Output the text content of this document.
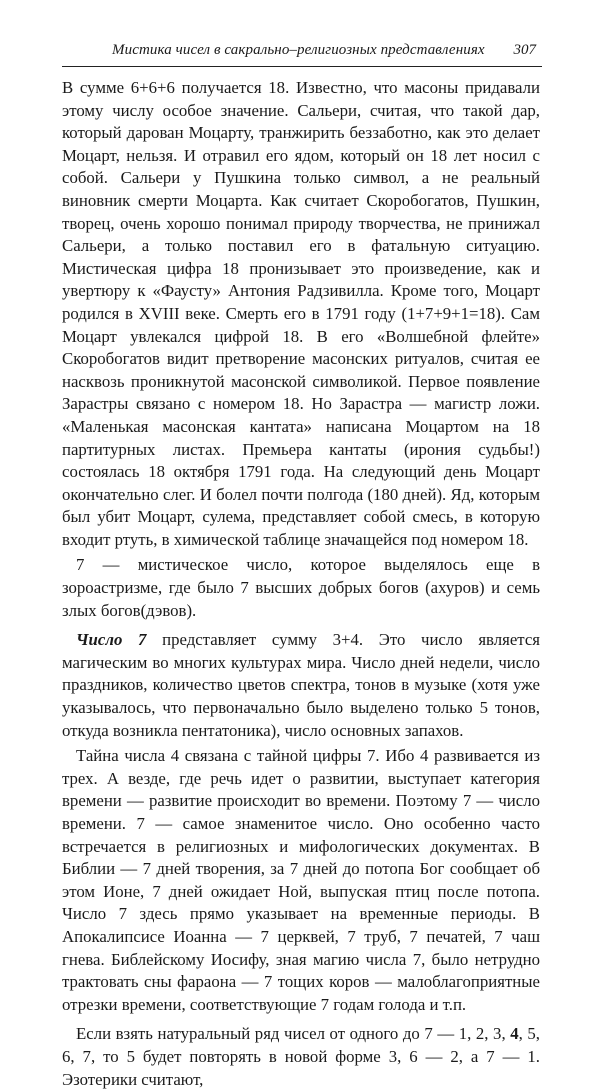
Мистика чисел в сакрально–религиозных представлениях 307

В сумме 6+6+6 получается 18. Известно, что масоны придавали этому числу особое значение. Сальери, считая, что такой дар, который дарован Моцарту, транжирить беззаботно, как это делает Моцарт, нельзя. И отравил его ядом, который он 18 лет носил с собой. Сальери у Пушкина только символ, а не реальный виновник смерти Моцарта. Как считает Скоробогатов, Пушкин, творец, очень хорошо понимал природу творчества, не принижал Сальери, а только поставил его в фатальную ситуацию. Мистическая цифра 18 пронизывает это произведение, как и увертюру к «Фаусту» Антония Радзивилла. Кроме того, Моцарт родился в XVIII веке. Смерть его в 1791 году (1+7+9+1=18). Сам Моцарт увлекался цифрой 18. В его «Волшебной флейте» Скоробогатов видит претворение масонских ритуалов, считая ее насквозь проникнутой масонской символикой. Первое появление Зарастры связано с номером 18. Но Зарастра — магистр ложи. «Маленькая масонская кантата» написана Моцартом на 18 партитурных листах. Премьера кантаты (ирония судьбы!) состоялась 18 октября 1791 года. На следующий день Моцарт окончательно слег. И болел почти полгода (180 дней). Яд, которым был убит Моцарт, сулема, представляет собой смесь, в которую входит ртуть, в химической таблице значащейся под номером 18.

7 — мистическое число, которое выделялось еще в зороастризме, где было 7 высших добрых богов (ахуров) и семь злых богов(дэвов).

Число 7 представляет сумму 3+4. Это число является магическим во многих культурах мира. Число дней недели, число праздников, количество цветов спектра, тонов в музыке (хотя уже указывалось, что первоначально было выделено только 5 тонов, откуда возникла пентатоника), число основных запахов.

Тайна числа 4 связана с тайной цифры 7. Ибо 4 развивается из трех. А везде, где речь идет о развитии, выступает категория времени — развитие происходит во времени. Поэтому 7 — число времени. 7 — самое знаменитое число. Оно особенно часто встречается в религиозных и мифологических документах. В Библии — 7 дней творения, за 7 дней до потопа Бог сообщает об этом Ионе, 7 дней ожидает Ной, выпуская птиц после потопа. Число 7 здесь прямо указывает на временные периоды. В Апокалипсисе Иоанна — 7 церквей, 7 труб, 7 печатей, 7 чаш гнева. Библейскому Иосифу, зная магию числа 7, было нетрудно трактовать сны фараона — 7 тощих коров — малоблагоприятные отрезки времени, соответствующие 7 годам голода и т.п.

Если взять натуральный ряд чисел от одного до 7 — 1, 2, 3, 4, 5, 6, 7, то 5 будет повторять в новой форме 3, 6 — 2, а 7 — 1. Эзотерики считают,
